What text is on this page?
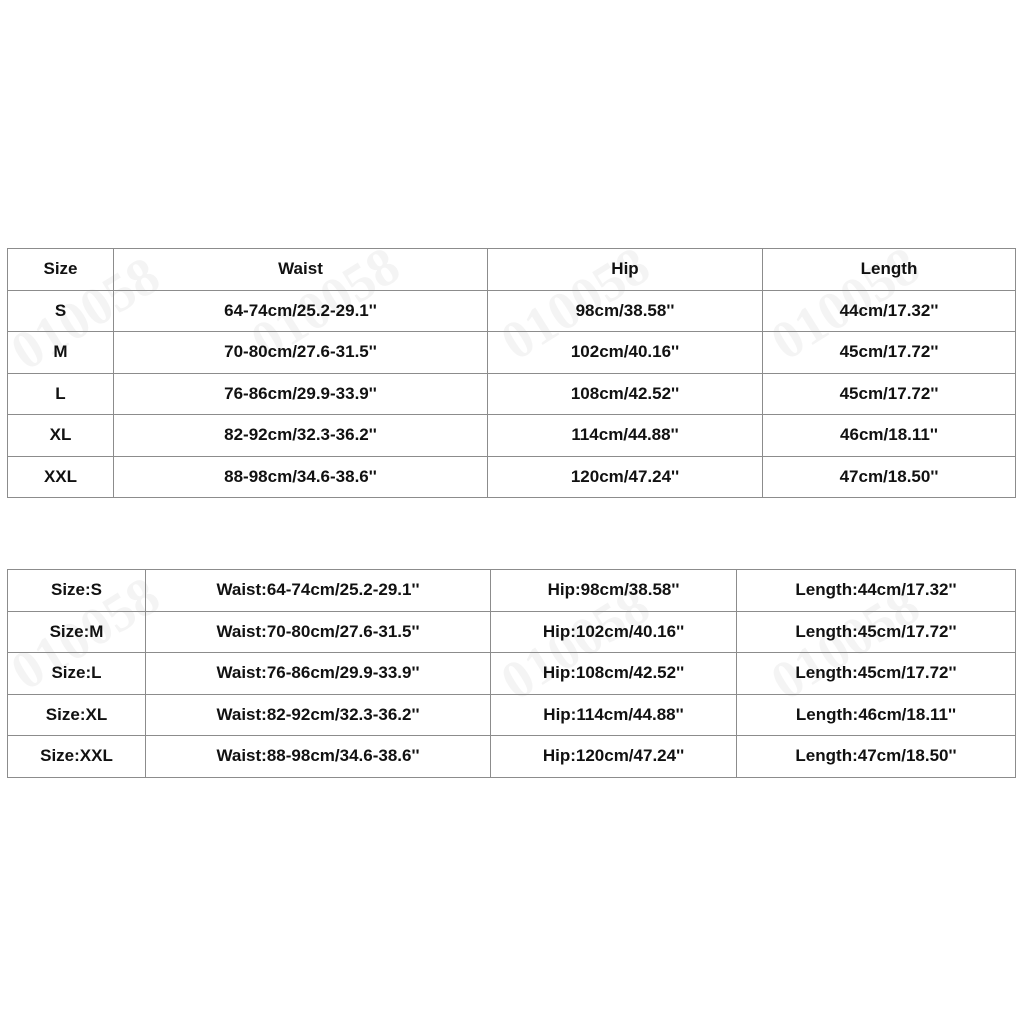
Size	Waist	Hip	Length
S	64-74cm/25.2-29.1''	98cm/38.58''	44cm/17.32''
M	70-80cm/27.6-31.5''	102cm/40.16''	45cm/17.72''
L	76-86cm/29.9-33.9''	108cm/42.52''	45cm/17.72''
XL	82-92cm/32.3-36.2''	114cm/44.88''	46cm/18.11''
XXL	88-98cm/34.6-38.6''	120cm/47.24''	47cm/18.50''
Size:S	Waist:64-74cm/25.2-29.1''	Hip:98cm/38.58''	Length:44cm/17.32''
Size:M	Waist:70-80cm/27.6-31.5''	Hip:102cm/40.16''	Length:45cm/17.72''
Size:L	Waist:76-86cm/29.9-33.9''	Hip:108cm/42.52''	Length:45cm/17.72''
Size:XL	Waist:82-92cm/32.3-36.2''	Hip:114cm/44.88''	Length:46cm/18.11''
Size:XXL	Waist:88-98cm/34.6-38.6''	Hip:120cm/47.24''	Length:47cm/18.50''
